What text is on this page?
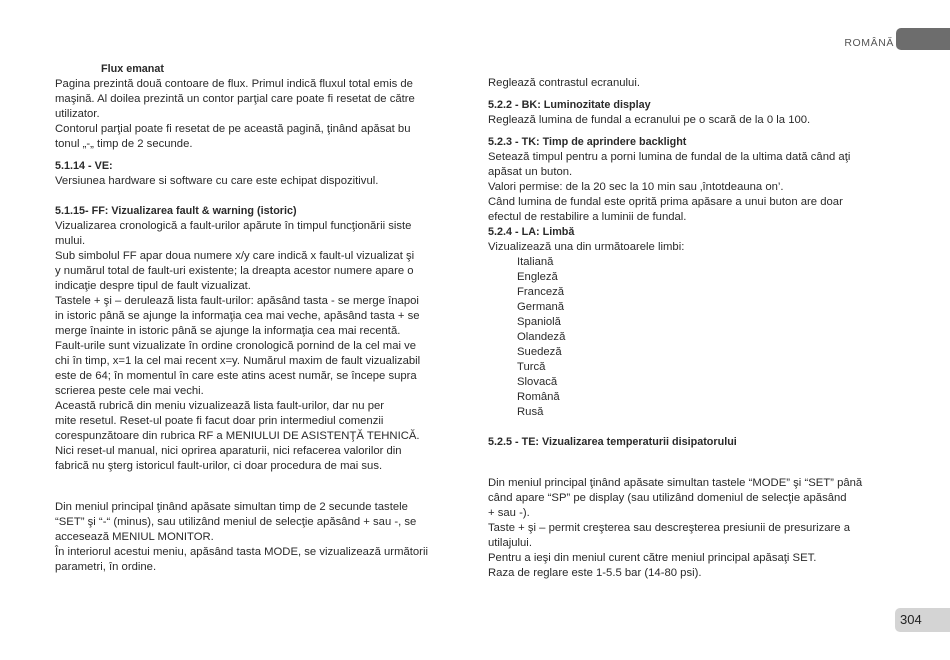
ROMÂNĂ

Flux emanat

Pagina prezintă două contoare de flux. Primul indică fluxul total emis de

maşină. Al doilea prezintă un contor parţial care poate fi resetat de către

utilizator.

Contorul parţial poate fi resetat de pe această pagină, ţinând apăsat bu

tonul „-„ timp de 2 secunde.

5.1.14 - VE:

Versiunea hardware si software cu care este echipat dispozitivul.

5.1.15- FF: Vizualizarea fault & warning (istoric)

Vizualizarea cronologică a fault-urilor apărute în timpul funcţionării siste

mului.

Sub simbolul FF apar doua numere x/y care indică x fault-ul vizualizat şi

y numărul total de fault-uri existente; la dreapta acestor numere apare o

indicaţie despre tipul de fault vizualizat.

Tastele + şi – derulează lista fault-urilor: apăsând tasta - se merge înapoi

in istoric până se ajunge la informaţia cea mai veche, apăsând tasta + se

merge înainte in istoric până se ajunge la informaţia cea mai recentă.

Fault-urile sunt vizualizate în ordine cronologică pornind de la cel mai ve

chi în timp, x=1 la cel mai recent x=y. Numărul maxim de fault vizualizabil

este de 64; în momentul în care este atins acest număr, se începe supra

scrierea peste cele mai vechi.

Această rubrică din meniu vizualizează lista fault-urilor, dar nu per

mite resetul. Reset-ul poate fi facut doar prin intermediul comenzii

corespunzătoare din rubrica RF a MENIULUI DE ASISTENŢĂ TEHNICĂ.

Nici reset-ul manual, nici oprirea aparaturii, nici refacerea valorilor din

fabrică nu şterg istoricul fault-urilor, ci doar procedura de mai sus.

Din meniul principal ţinând apăsate simultan timp de 2 secunde tastele

“SET” şi “-“ (minus), sau utilizând meniul de selecţie apăsând + sau -, se

accesează MENIUL MONITOR.

În interiorul acestui meniu, apăsând tasta MODE, se vizualizează următorii

parametri, în ordine.

Reglează contrastul ecranului.

5.2.2 - BK: Luminozitate display

Reglează lumina de fundal a ecranului pe o scară de la 0 la 100.

5.2.3 - TK: Timp de aprindere backlight

Setează timpul pentru a porni lumina de fundal de la ultima dată când aţi

apăsat un buton.

Valori permise: de la 20 sec la 10 min sau ‚întotdeauna on’.

Când lumina de fundal este oprită prima apăsare a unui buton are doar

efectul de restabilire a luminii de fundal.

5.2.4 - LA: Limbă

Vizualizează una din următoarele limbi:

Italiană
Engleză
Franceză
Germană
Spaniolă
Olandeză
Suedeză
Turcă
Slovacă
Română
Rusă

5.2.5 - TE: Vizualizarea temperaturii disipatorului

Din meniul principal ţinând apăsate simultan tastele “MODE” şi “SET” până

când apare “SP” pe display (sau utilizând domeniul de selecţie apăsând

+ sau -).

Taste + şi – permit creşterea sau descreşterea presiunii de presurizare a

utilajului.

Pentru a ieşi din meniul curent către meniul principal apăsaţi SET.

Raza de reglare este 1-5.5 bar (14-80 psi).

304
